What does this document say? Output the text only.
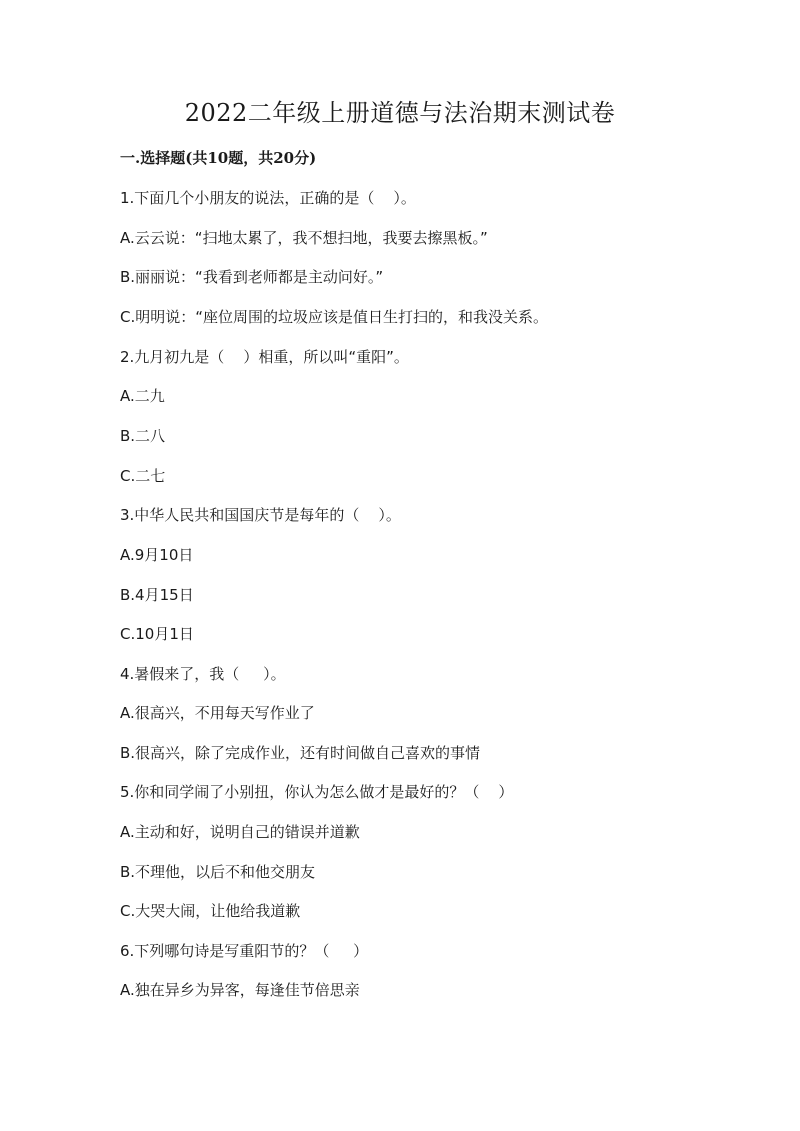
2022二年级上册道德与法治期末测试卷
一.选择题(共10题，共20分)
1.下面几个小朋友的说法，正确的是（    ）。
A.云云说：“扫地太累了，我不想扫地，我要去擦黑板。”
B.丽丽说：“我看到老师都是主动问好。”
C.明明说：“座位周围的垃圾应该是值日生打扫的，和我没关系。
2.九月初九是（    ）相重，所以叫“重阳”。
A.二九
B.二八
C.二七
3.中华人民共和国国庆节是每年的（    ）。
A.9月10日
B.4月15日
C.10月1日
4.暑假来了，我（     ）。
A.很高兴，不用每天写作业了
B.很高兴，除了完成作业，还有时间做自己喜欢的事情
5.你和同学闹了小别扭，你认为怎么做才是最好的？（    ）
A.主动和好，说明自己的错误并道歉
B.不理他，以后不和他交朋友
C.大哭大闹，让他给我道歉
6.下列哪句诗是写重阳节的？（     ）
A.独在异乡为异客，每逢佳节倍思亲
